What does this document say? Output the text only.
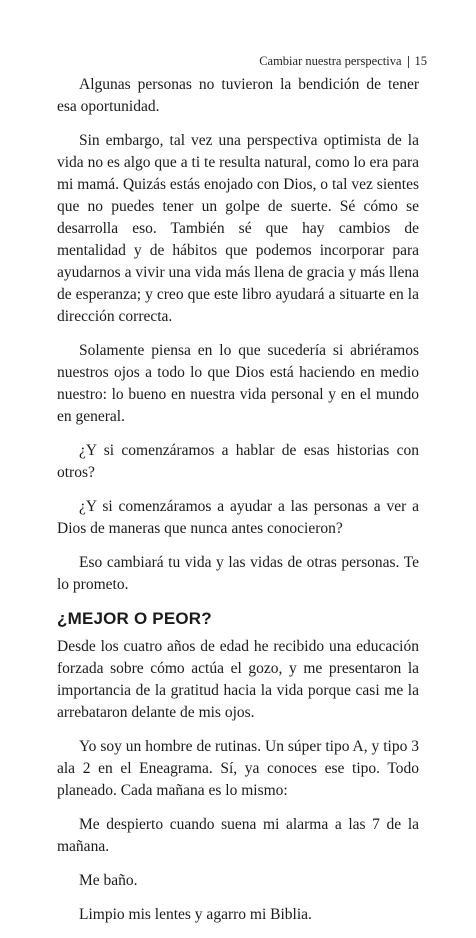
Cambiar nuestra perspectiva 15

Algunas personas no tuvieron la bendición de tener esa oportunidad.

Sin embargo, tal vez una perspectiva optimista de la vida no es algo que a ti te resulta natural, como lo era para mi mamá. Quizás estás enojado con Dios, o tal vez sientes que no puedes tener un golpe de suerte. Sé cómo se desarrolla eso. También sé que hay cambios de mentalidad y de hábitos que podemos incorporar para ayudarnos a vivir una vida más llena de gracia y más llena de esperanza; y creo que este libro ayudará a situarte en la dirección correcta.

Solamente piensa en lo que sucedería si abriéramos nuestros ojos a todo lo que Dios está haciendo en medio nuestro: lo bueno en nuestra vida personal y en el mundo en general.

¿Y si comenzáramos a hablar de esas historias con otros?

¿Y si comenzáramos a ayudar a las personas a ver a Dios de maneras que nunca antes conocieron?

Eso cambiará tu vida y las vidas de otras personas. Te lo prometo.

¿MEJOR O PEOR?

Desde los cuatro años de edad he recibido una educación forzada sobre cómo actúa el gozo, y me presentaron la importancia de la gratitud hacia la vida porque casi me la arrebataron delante de mis ojos.

Yo soy un hombre de rutinas. Un súper tipo A, y tipo 3 ala 2 en el Eneagrama. Sí, ya conoces ese tipo. Todo planeado. Cada mañana es lo mismo:

Me despierto cuando suena mi alarma a las 7 de la mañana.

Me baño.

Limpio mis lentes y agarro mi Biblia.
